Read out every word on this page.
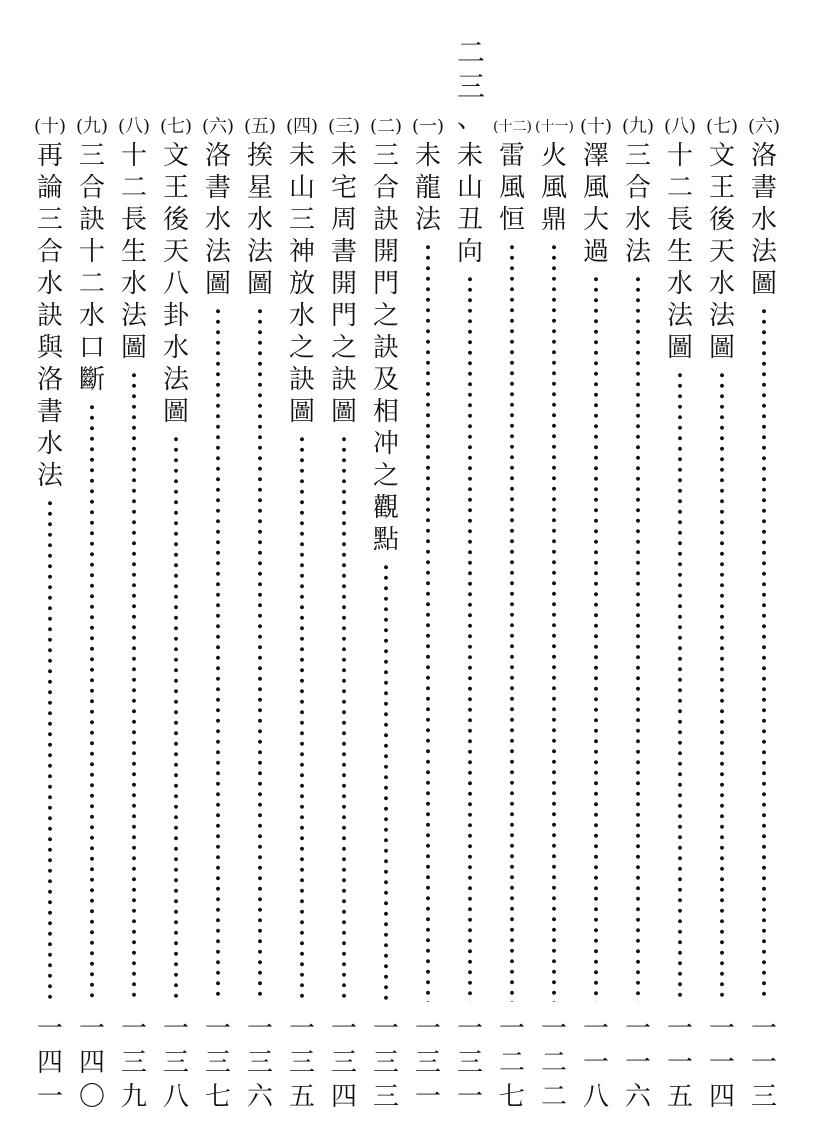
二
三
(六)
洛
書
水
法
圖
一
一
三
(七)
文
王
後
天
水
法
圖
一
一
四
(八)
十
二
長
生
水
法
圖
一
一
五
(九)
三
合
水
法
一
一
六
(十)
澤
風
大
過
一
一
八
(十一)
火
風
鼎
一
二
二
(十二)
雷
風
恒
一
二
七
、
未
山
丑
向
一
三
一
(一)
未
龍
法
一
三
一
(二)
三
合
訣
開
門
之
訣
及
相
冲
之
觀
點
一
三
三
(三)
未
宅
周
書
開
門
之
訣
圖
一
三
四
(四)
未
山
三
神
放
水
之
訣
圖
一
三
五
(五)
挨
星
水
法
圖
一
三
六
(六)
洛
書
水
法
圖
一
三
七
(七)
文
王
後
天
八
卦
水
法
圖
一
三
八
(八)
十
二
長
生
水
法
圖
一
三
九
(九)
三
合
訣
十
二
水
口
斷
一
四
〇
(十)
再
論
三
合
水
訣
與
洛
書
水
法
一
四
一
